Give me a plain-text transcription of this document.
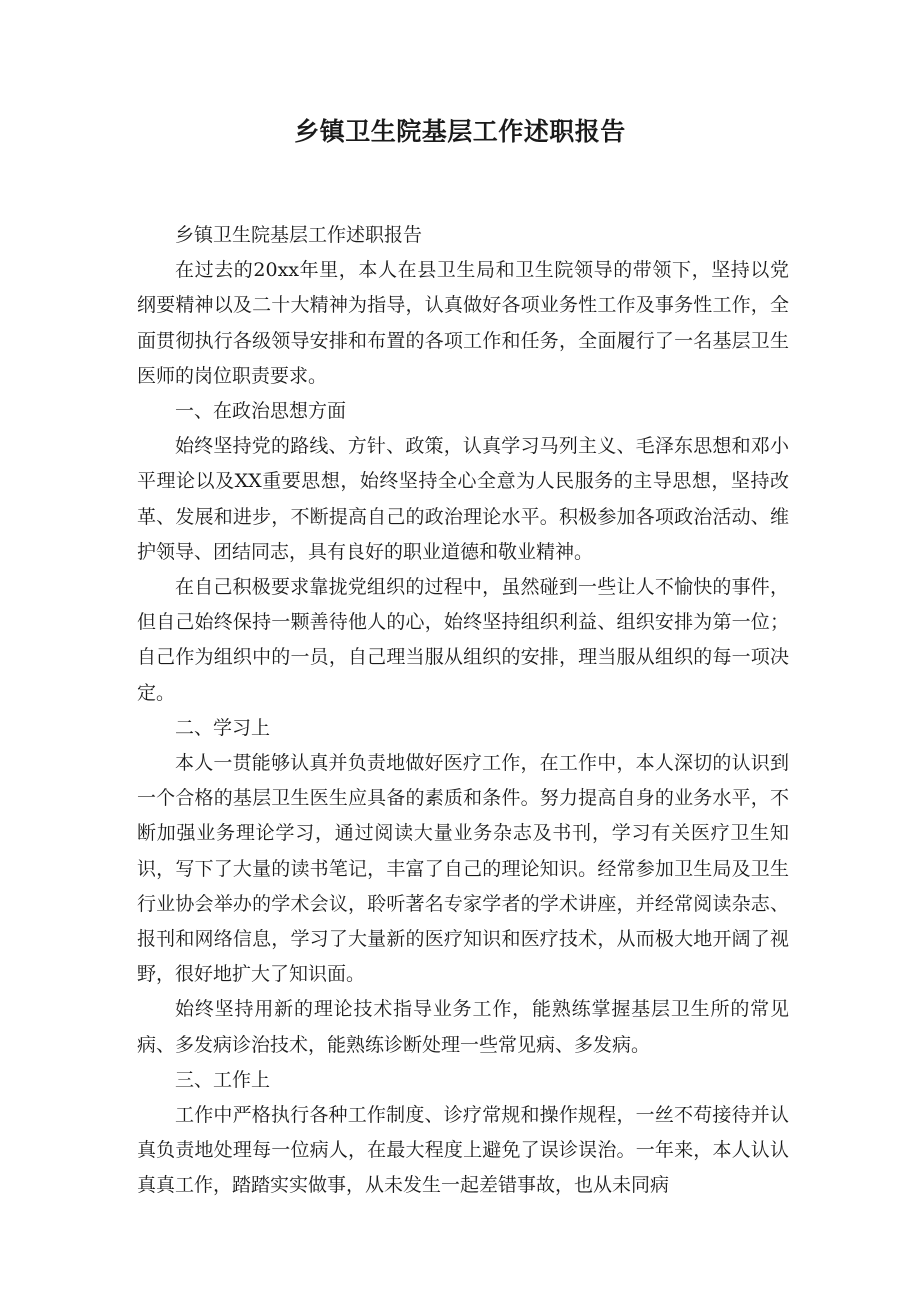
乡镇卫生院基层工作述职报告

乡镇卫生院基层工作述职报告

在过去的20xx年里，本人在县卫生局和卫生院领导的带领下，坚持以党纲要精神以及二十大精神为指导，认真做好各项业务性工作及事务性工作，全面贯彻执行各级领导安排和布置的各项工作和任务，全面履行了一名基层卫生医师的岗位职责要求。

一、在政治思想方面

始终坚持党的路线、方针、政策，认真学习马列主义、毛泽东思想和邓小平理论以及XX重要思想，始终坚持全心全意为人民服务的主导思想，坚持改革、发展和进步，不断提高自己的政治理论水平。积极参加各项政治活动、维护领导、团结同志，具有良好的职业道德和敬业精神。

在自己积极要求靠拢党组织的过程中，虽然碰到一些让人不愉快的事件，但自己始终保持一颗善待他人的心，始终坚持组织利益、组织安排为第一位；自己作为组织中的一员，自己理当服从组织的安排，理当服从组织的每一项决定。

二、学习上

本人一贯能够认真并负责地做好医疗工作，在工作中，本人深切的认识到一个合格的基层卫生医生应具备的素质和条件。努力提高自身的业务水平，不断加强业务理论学习，通过阅读大量业务杂志及书刊，学习有关医疗卫生知识，写下了大量的读书笔记，丰富了自己的理论知识。经常参加卫生局及卫生行业协会举办的学术会议，聆听著名专家学者的学术讲座，并经常阅读杂志、报刊和网络信息，学习了大量新的医疗知识和医疗技术，从而极大地开阔了视野，很好地扩大了知识面。

始终坚持用新的理论技术指导业务工作，能熟练掌握基层卫生所的常见病、多发病诊治技术，能熟练诊断处理一些常见病、多发病。

三、工作上

工作中严格执行各种工作制度、诊疗常规和操作规程，一丝不苟接待并认真负责地处理每一位病人，在最大程度上避免了误诊误治。一年来，本人认认真真工作，踏踏实实做事，从未发生一起差错事故，也从未同病
